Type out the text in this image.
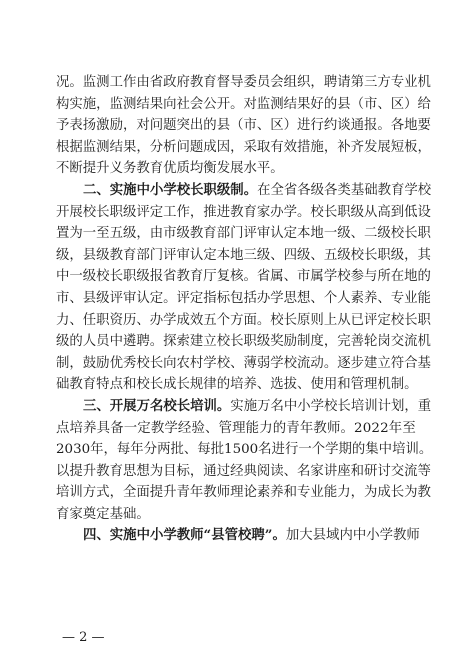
况 。 监 测 工 作 由 省 政 府 教 育 督 导 委 员 会 组 织 ， 聘 请 第 三 方 专 业 机
构 实 施 ， 监 测 结 果 向 社 会 公 开 。 对 监 测 结 果 好 的 县 （ 市 、 区 ） 给
予 表 扬 激 励 ， 对 问 题 突 出 的 县 （ 市 、 区 ） 进 行 约 谈 通 报 。 各 地 要
根 据 监 测 结 果 ， 分 析 问 题 成 因 ， 采 取 有 效 措 施 ， 补 齐 发 展 短 板 ，
不 断 提 升 义 务 教 育 优 质 均 衡 发 展 水 平 。
二 、 实 施 中 小 学 校 长 职 级 制 。 在 全 省 各 级 各 类 基 础 教 育 学 校
开 展 校 长 职 级 评 定 工 作 ， 推 进 教 育 家 办 学 。 校 长 职 级 从 高 到 低 设
置 为 一 至 五 级 ， 由 市 级 教 育 部 门 评 审 认 定 本 地 一 级 、 二 级 校 长 职
级 ， 县 级 教 育 部 门 评 审 认 定 本 地 三 级 、 四 级 、 五 级 校 长 职 级 ， 其
中 一 级 校 长 职 级 报 省 教 育 厅 复 核 。 省 属 、 市 属 学 校 参 与 所 在 地 的
市 、 县 级 评 审 认 定 。 评 定 指 标 包 括 办 学 思 想 、 个 人 素 养 、 专 业 能
力 、 任 职 资 历 、 办 学 成 效 五 个 方 面 。 校 长 原 则 上 从 已 评 定 校 长 职
级 的 人 员 中 遴 聘 。 探 索 建 立 校 长 职 级 奖 励 制 度 ， 完 善 轮 岗 交 流 机
制 ， 鼓 励 优 秀 校 长 向 农 村 学 校 、 薄 弱 学 校 流 动 。 逐 步 建 立 符 合 基
础 教 育 特 点 和 校 长 成 长 规 律 的 培 养 、 选 拔 、 使 用 和 管 理 机 制 。
三 、 开 展 万 名 校 长 培 训 。 实 施 万 名 中 小 学 校 长 培 训 计 划 ， 重
点 培 养 具 备 一 定 教 学 经 验 、 管 理 能 力 的 青 年 教 师 。 2 0 2 2 年 至
2 0 3 0 年 ， 每 年 分 两 批 、 每 批 1 5 0 0 名 进 行 一 个 学 期 的 集 中 培 训 。
以 提 升 教 育 思 想 为 目 标 ， 通 过 经 典 阅 读 、 名 家 讲 座 和 研 讨 交 流 等
培 训 方 式 ， 全 面 提 升 青 年 教 师 理 论 素 养 和 专 业 能 力 ， 为 成 长 为 教
育 家 奠 定 基 础 。
四 、 实 施 中 小 学 教 师 “ 县 管 校 聘 ” 。 加 大 县 域 内 中 小 学 教 师
— 2 —
